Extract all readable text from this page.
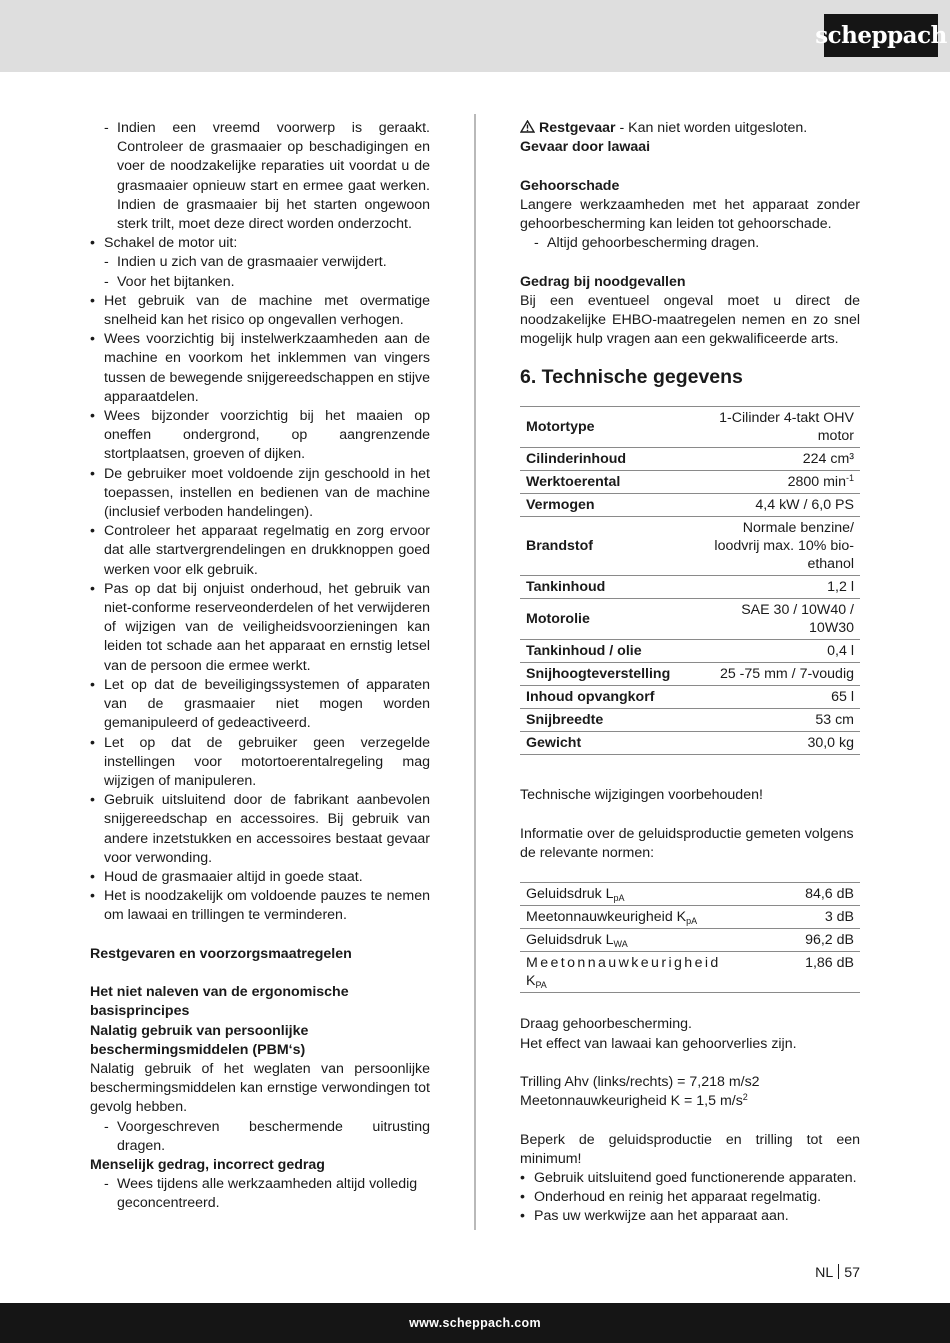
scheppach
- Indien een vreemd voorwerp is geraakt. Controleer de grasmaaier op beschadigingen en voer de noodzakelijke reparaties uit voordat u de grasmaaier opnieuw start en ermee gaat werken. Indien de grasmaaier bij het starten ongewoon sterk trilt, moet deze direct worden onderzocht.
• Schakel de motor uit:
- Indien u zich van de grasmaaier verwijdert.
- Voor het bijtanken.
• Het gebruik van de machine met overmatige snelheid kan het risico op ongevallen verhogen.
• Wees voorzichtig bij instelwerkzaamheden aan de machine en voorkom het inklemmen van vingers tussen de bewegende snijgereedschappen en stijve apparaatdelen.
• Wees bijzonder voorzichtig bij het maaien op oneffen ondergrond, op aangrenzende stortplaatsen, groeven of dijken.
• De gebruiker moet voldoende zijn geschoold in het toepassen, instellen en bedienen van de machine (inclusief verboden handelingen).
• Controleer het apparaat regelmatig en zorg ervoor dat alle startvergrendelingen en drukknoppen goed werken voor elk gebruik.
• Pas op dat bij onjuist onderhoud, het gebruik van niet-conforme reserveonderdelen of het verwijderen of wijzigen van de veiligheidsvoorzieningen kan leiden tot schade aan het apparaat en ernstig letsel van de persoon die ermee werkt.
• Let op dat de beveiligingssystemen of apparaten van de grasmaaier niet mogen worden gemanipuleerd of gedeactiveerd.
• Let op dat de gebruiker geen verzegelde instellingen voor motortoerentalregeling mag wijzigen of manipuleren.
• Gebruik uitsluitend door de fabrikant aanbevolen snijgereedschap en accessoires. Bij gebruik van andere inzetstukken en accessoires bestaat gevaar voor verwonding.
• Houd de grasmaaier altijd in goede staat.
• Het is noodzakelijk om voldoende pauzes te nemen om lawaai en trillingen te verminderen.

Restgevaren en voorzorgsmaatregelen

Het niet naleven van de ergonomische basisprincipes

Nalatig gebruik van persoonlijke beschermingsmiddelen (PBM‘s)

Nalatig gebruik of het weglaten van persoonlijke beschermingsmiddelen kan ernstige verwondingen tot gevolg hebben.

- Voorgeschreven beschermende uitrusting dragen.

Menselijk gedrag, incorrect gedrag

- Wees tijdens alle werkzaamheden altijd volledig geconcentreerd.

Restgevaar - Kan niet worden uitgesloten.

Gevaar door lawaai

Gehoorschade

Langere werkzaamheden met het apparaat zonder gehoorbescherming kan leiden tot gehoorschade.

- Altijd gehoorbescherming dragen.

Gedrag bij noodgevallen

Bij een eventueel ongeval moet u direct de noodzakelijke EHBO-maatregelen nemen en zo snel mogelijk hulp vragen aan een gekwalificeerde arts.

6. Technische gegevens
Motortype	1-Cilinder 4-takt OHV motor
Cilinderinhoud	224 cm³
Werktoerental	2800 $\min^{-1}$
Vermogen	4,4 kW / 6,0 PS
Brandstof	Normale benzine/ loodvrij max. 10% bio-ethanol
Tankinhoud	1,2 l
Motorolie	SAE 30 / 10W40 / 10W30
Tankinhoud / olie	0,4 l
Snijhoogteverstelling	25 -75 mm / 7-voudig
Inhoud opvangkorf	65 l
Snijbreedte	53 cm
Gewicht	30,0 kg

Technische wijzigingen voorbehouden!

Informatie over de geluidsproductie gemeten volgens de relevante normen:

Geluidsdruk $L_{pA}$	84,6 dB
Meetonnauwkeurigheid $K_{pA}$	3 dB
Geluidsdruk $L_{WA}$	96,2 dB
Meetonnauwkeurigheid
$K_{PA}$	1,86 dB

Draag gehoorbescherming.

Het effect van lawaai kan gehoorverlies zijn.

Trilling Ahv (links/rechts) = 7,218 m/s2

Meetonnauwkeurigheid K = 1,5 $m/s^2$

Beperk de geluidsproductie en trilling tot een minimum!

• Gebruik uitsluitend goed functionerende apparaten.
• Onderhoud en reinig het apparaat regelmatig.
• Pas uw werkwijze aan het apparaat aan.
NL 57
www.scheppach.com
